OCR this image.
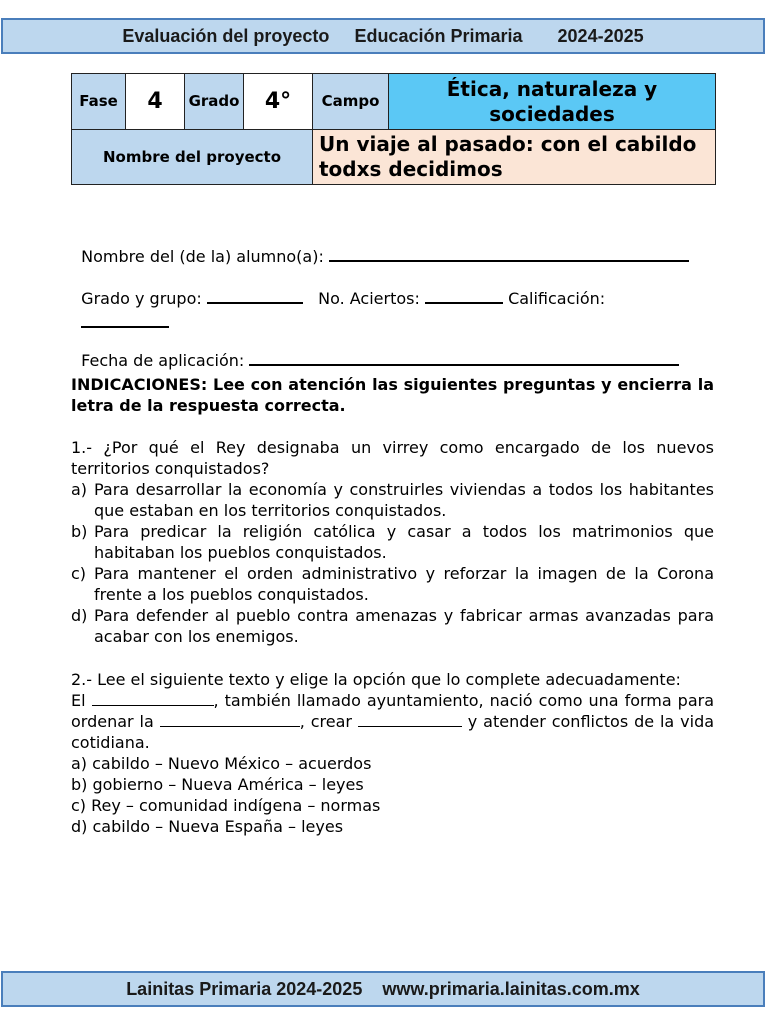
Evaluación del proyecto
Educación Primaria
2024-2025
Fase	4	Grado	4°	Campo	Ética, naturaleza y sociedades
Nombre del proyecto				Un viaje al pasado: con el cabildo todxs decidimos	

Nombre del (de la) alumno(a):

Grado y grupo:	No. Aciertos:	Calificación:

Fecha de aplicación:

INDICACIONES: Lee con atención las siguientes preguntas y encierra la letra de la respuesta correcta.
1.- ¿Por qué el Rey designaba un virrey como encargado de los nuevos territorios conquistados?
a) Para desarrollar la economía y construirles viviendas a todos los habitantes que estaban en los territorios conquistados.
b) Para predicar la religión católica y casar a todos los matrimonios que habitaban los pueblos conquistados.
c) Para mantener el orden administrativo y reforzar la imagen de la Corona frente a los pueblos conquistados.
d) Para defender al pueblo contra amenazas y fabricar armas avanzadas para acabar con los enemigos.
2.- Lee el siguiente texto y elige la opción que lo complete adecuadamente:
El	, también llamado ayuntamiento, nació como una forma para ordenar la	, crear	y atender conflictos de la vida cotidiana.
a) cabildo – Nuevo México – acuerdos
b) gobierno – Nueva América – leyes
c) Rey – comunidad indígena – normas
d) cabildo – Nueva España – leyes
Lainitas Primaria 2024-2025
www.primaria.lainitas.com.mx
